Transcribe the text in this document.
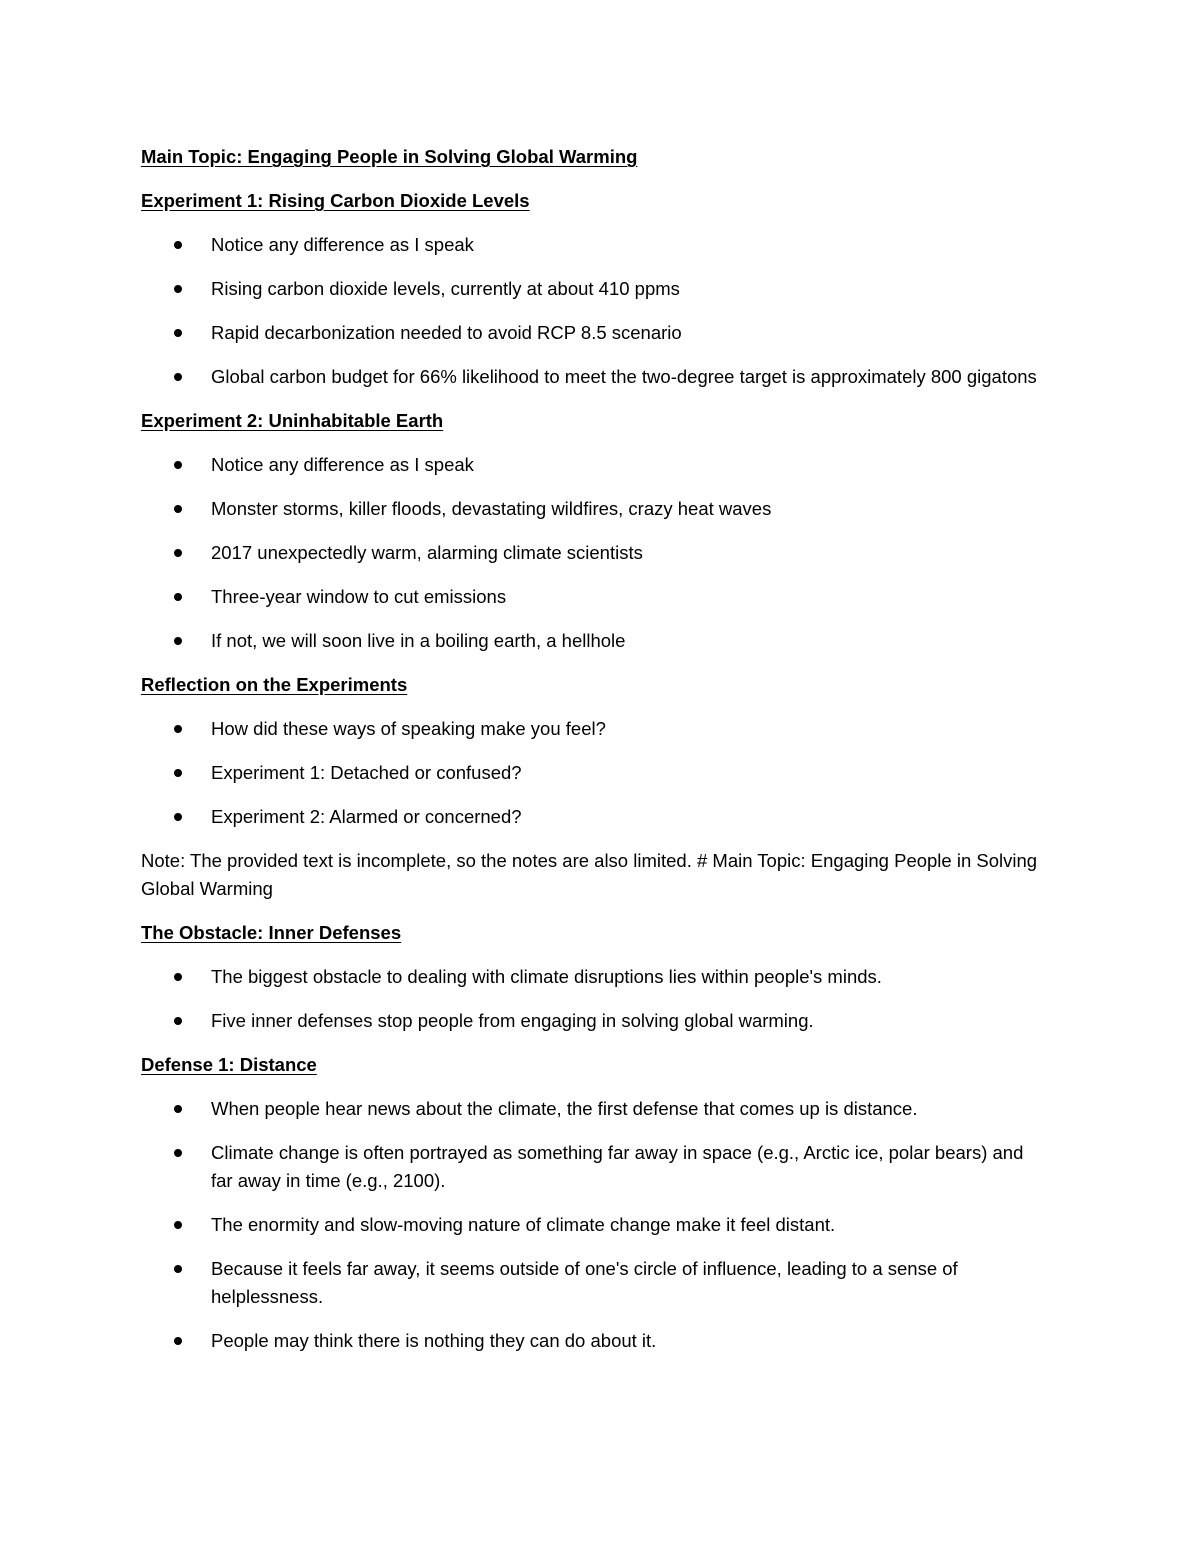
Main Topic: Engaging People in Solving Global Warming
Experiment 1: Rising Carbon Dioxide Levels
Notice any difference as I speak
Rising carbon dioxide levels, currently at about 410 ppms
Rapid decarbonization needed to avoid RCP 8.5 scenario
Global carbon budget for 66% likelihood to meet the two-degree target is approximately 800 gigatons
Experiment 2: Uninhabitable Earth
Notice any difference as I speak
Monster storms, killer floods, devastating wildfires, crazy heat waves
2017 unexpectedly warm, alarming climate scientists
Three-year window to cut emissions
If not, we will soon live in a boiling earth, a hellhole
Reflection on the Experiments
How did these ways of speaking make you feel?
Experiment 1: Detached or confused?
Experiment 2: Alarmed or concerned?
Note: The provided text is incomplete, so the notes are also limited. # Main Topic: Engaging People in Solving Global Warming
The Obstacle: Inner Defenses
The biggest obstacle to dealing with climate disruptions lies within people's minds.
Five inner defenses stop people from engaging in solving global warming.
Defense 1: Distance
When people hear news about the climate, the first defense that comes up is distance.
Climate change is often portrayed as something far away in space (e.g., Arctic ice, polar bears) and far away in time (e.g., 2100).
The enormity and slow-moving nature of climate change make it feel distant.
Because it feels far away, it seems outside of one's circle of influence, leading to a sense of helplessness.
People may think there is nothing they can do about it.
